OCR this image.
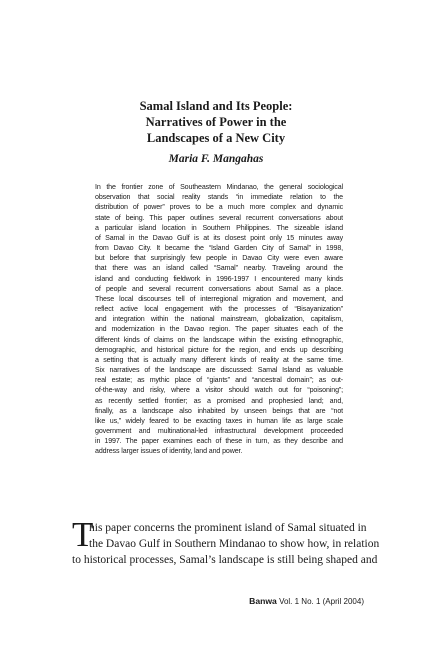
Samal Island and Its People:
Narratives of Power in the
Landscapes of a New City
Maria F. Mangahas
In the frontier zone of Southeastern Mindanao, the general sociological
observation that social reality stands “in immediate relation to the
distribution of power” proves to be a much more complex and dynamic
state of being. This paper outlines several recurrent conversations about
a particular island location in Southern Philippines. The sizeable island
of Samal in the Davao Gulf is at its closest point only 15 minutes away
from Davao City. It became the “Island Garden City of Samal” in 1998,
but before that surprisingly few people in Davao City were even aware
that there was an island called “Samal” nearby. Traveling around the
island and conducting fieldwork in 1996-1997 I encountered many kinds
of people and several recurrent conversations about Samal as a place.
These local discourses tell of interregional migration and movement, and
reflect active local engagement with the processes of “Bisayanization”
and integration within the national mainstream, globalization, capitalism,
and modernization in the Davao region. The paper situates each of the
different kinds of claims on the landscape within the existing ethnographic,
demographic, and historical picture for the region, and ends up describing
a setting that is actually many different kinds of reality at the same time.
Six narratives of the landscape are discussed: Samal Island as valuable
real estate; as mythic place of “giants” and “ancestral domain”; as out-
of-the-way and risky, where a visitor should watch out for “poisoning”;
as recently settled frontier; as a promised and prophesied land; and,
finally, as a landscape also inhabited by unseen beings that are “not
like us,” widely feared to be exacting taxes in human life as large scale
government and multinational-led infrastructural development proceeded
in 1997. The paper examines each of these in turn, as they describe and
address larger issues of identity, land and power.
T
his paper concerns the prominent island of Samal situated in
the Davao Gulf in Southern Mindanao to show how, in relation
to historical processes, Samal’s landscape is still being shaped and
Banwa Vol. 1 No. 1 (April 2004)
